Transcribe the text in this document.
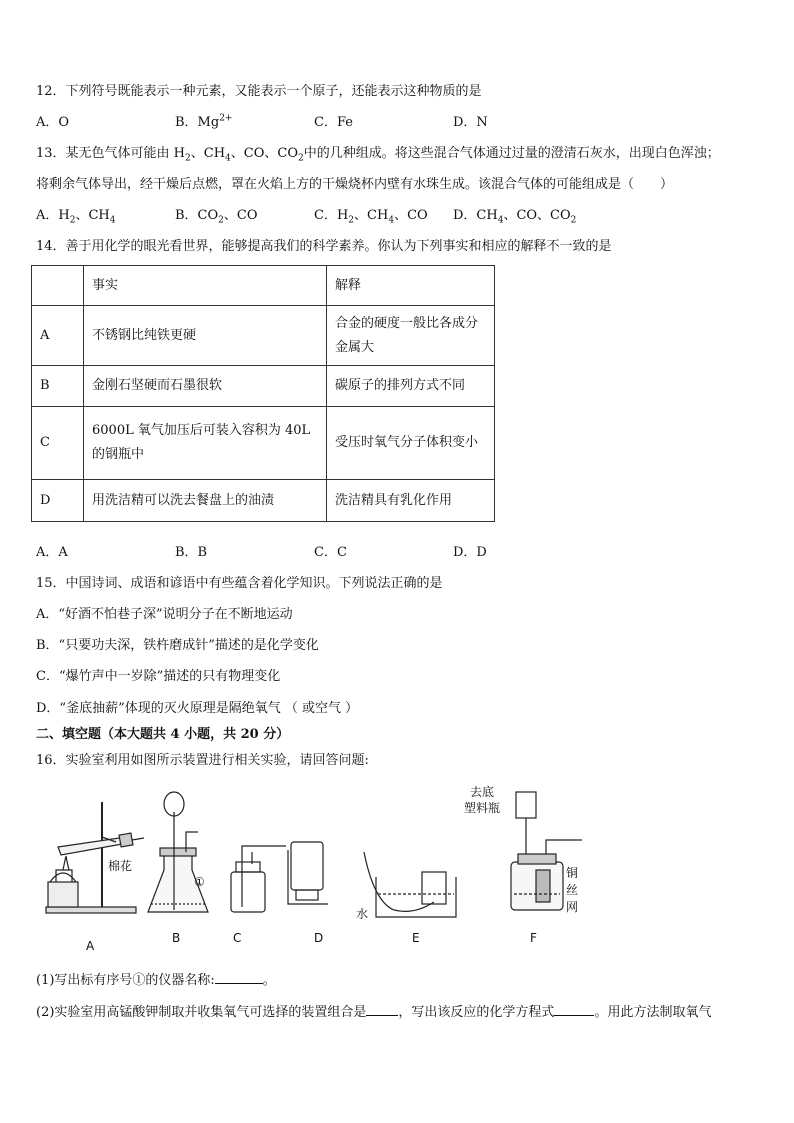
12．下列符号既能表示一种元素，又能表示一个原子，还能表示这种物质的是
A．O	B．$Mg^{2+}$	C．Fe	D．N
13．某无色气体可能由 $H_2$、$CH_4$、CO、$CO_2$中的几种组成。将这些混合气体通过过量的澄清石灰水，出现白色浑浊；
将剩余气体导出，经干燥后点燃，罩在火焰上方的干燥烧杯内壁有水珠生成。该混合气体的可能组成是（　　）
A．$H_2$、$CH_4$	B．$CO_2$、CO	C．$H_2$、$CH_4$、CO D．$CH_4$、CO、$CO_2$
14．善于用化学的眼光看世界，能够提高我们的科学素养。你认为下列事实和相应的解释不一致的是
	事实	解释
A	不锈钢比纯铁更硬	合金的硬度一般比各成分
金属大

B	金刚石坚硬而石墨很软	碳原子的排列方式不同
C	6000L 氧气加压后可装入容积为 40L
的钢瓶中	受压时氧气分子体积变小
D	用洗洁精可以洗去餐盘上的油渍	洗洁精具有乳化作用
A．A	B．B	C．C	D．D
15．中国诗词、成语和谚语中有些蕴含着化学知识。下列说法正确的是
A．“好酒不怕巷子深”说明分子在不断地运动
B．“只要功夫深，铁杵磨成针”描述的是化学变化
C．“爆竹声中一岁除”描述的只有物理变化
D．“釜底抽薪”体现的灭火原理是隔绝氧气 （ 或空气 ）
二、填空题（本大题共 4 小题，共 20 分）
16．实验室利用如图所示装置进行相关实验，请回答问题:
棉花
A
①
B	C	D
水
E
去底
塑料瓶
铜
丝
网
F
(1)写出标有序号①的仪器名称:	。
(2)实验室用高锰酸钾制取并收集氧气可选择的装置组合是 ，写出该反应的化学方程式	。用此方法制取氧气
